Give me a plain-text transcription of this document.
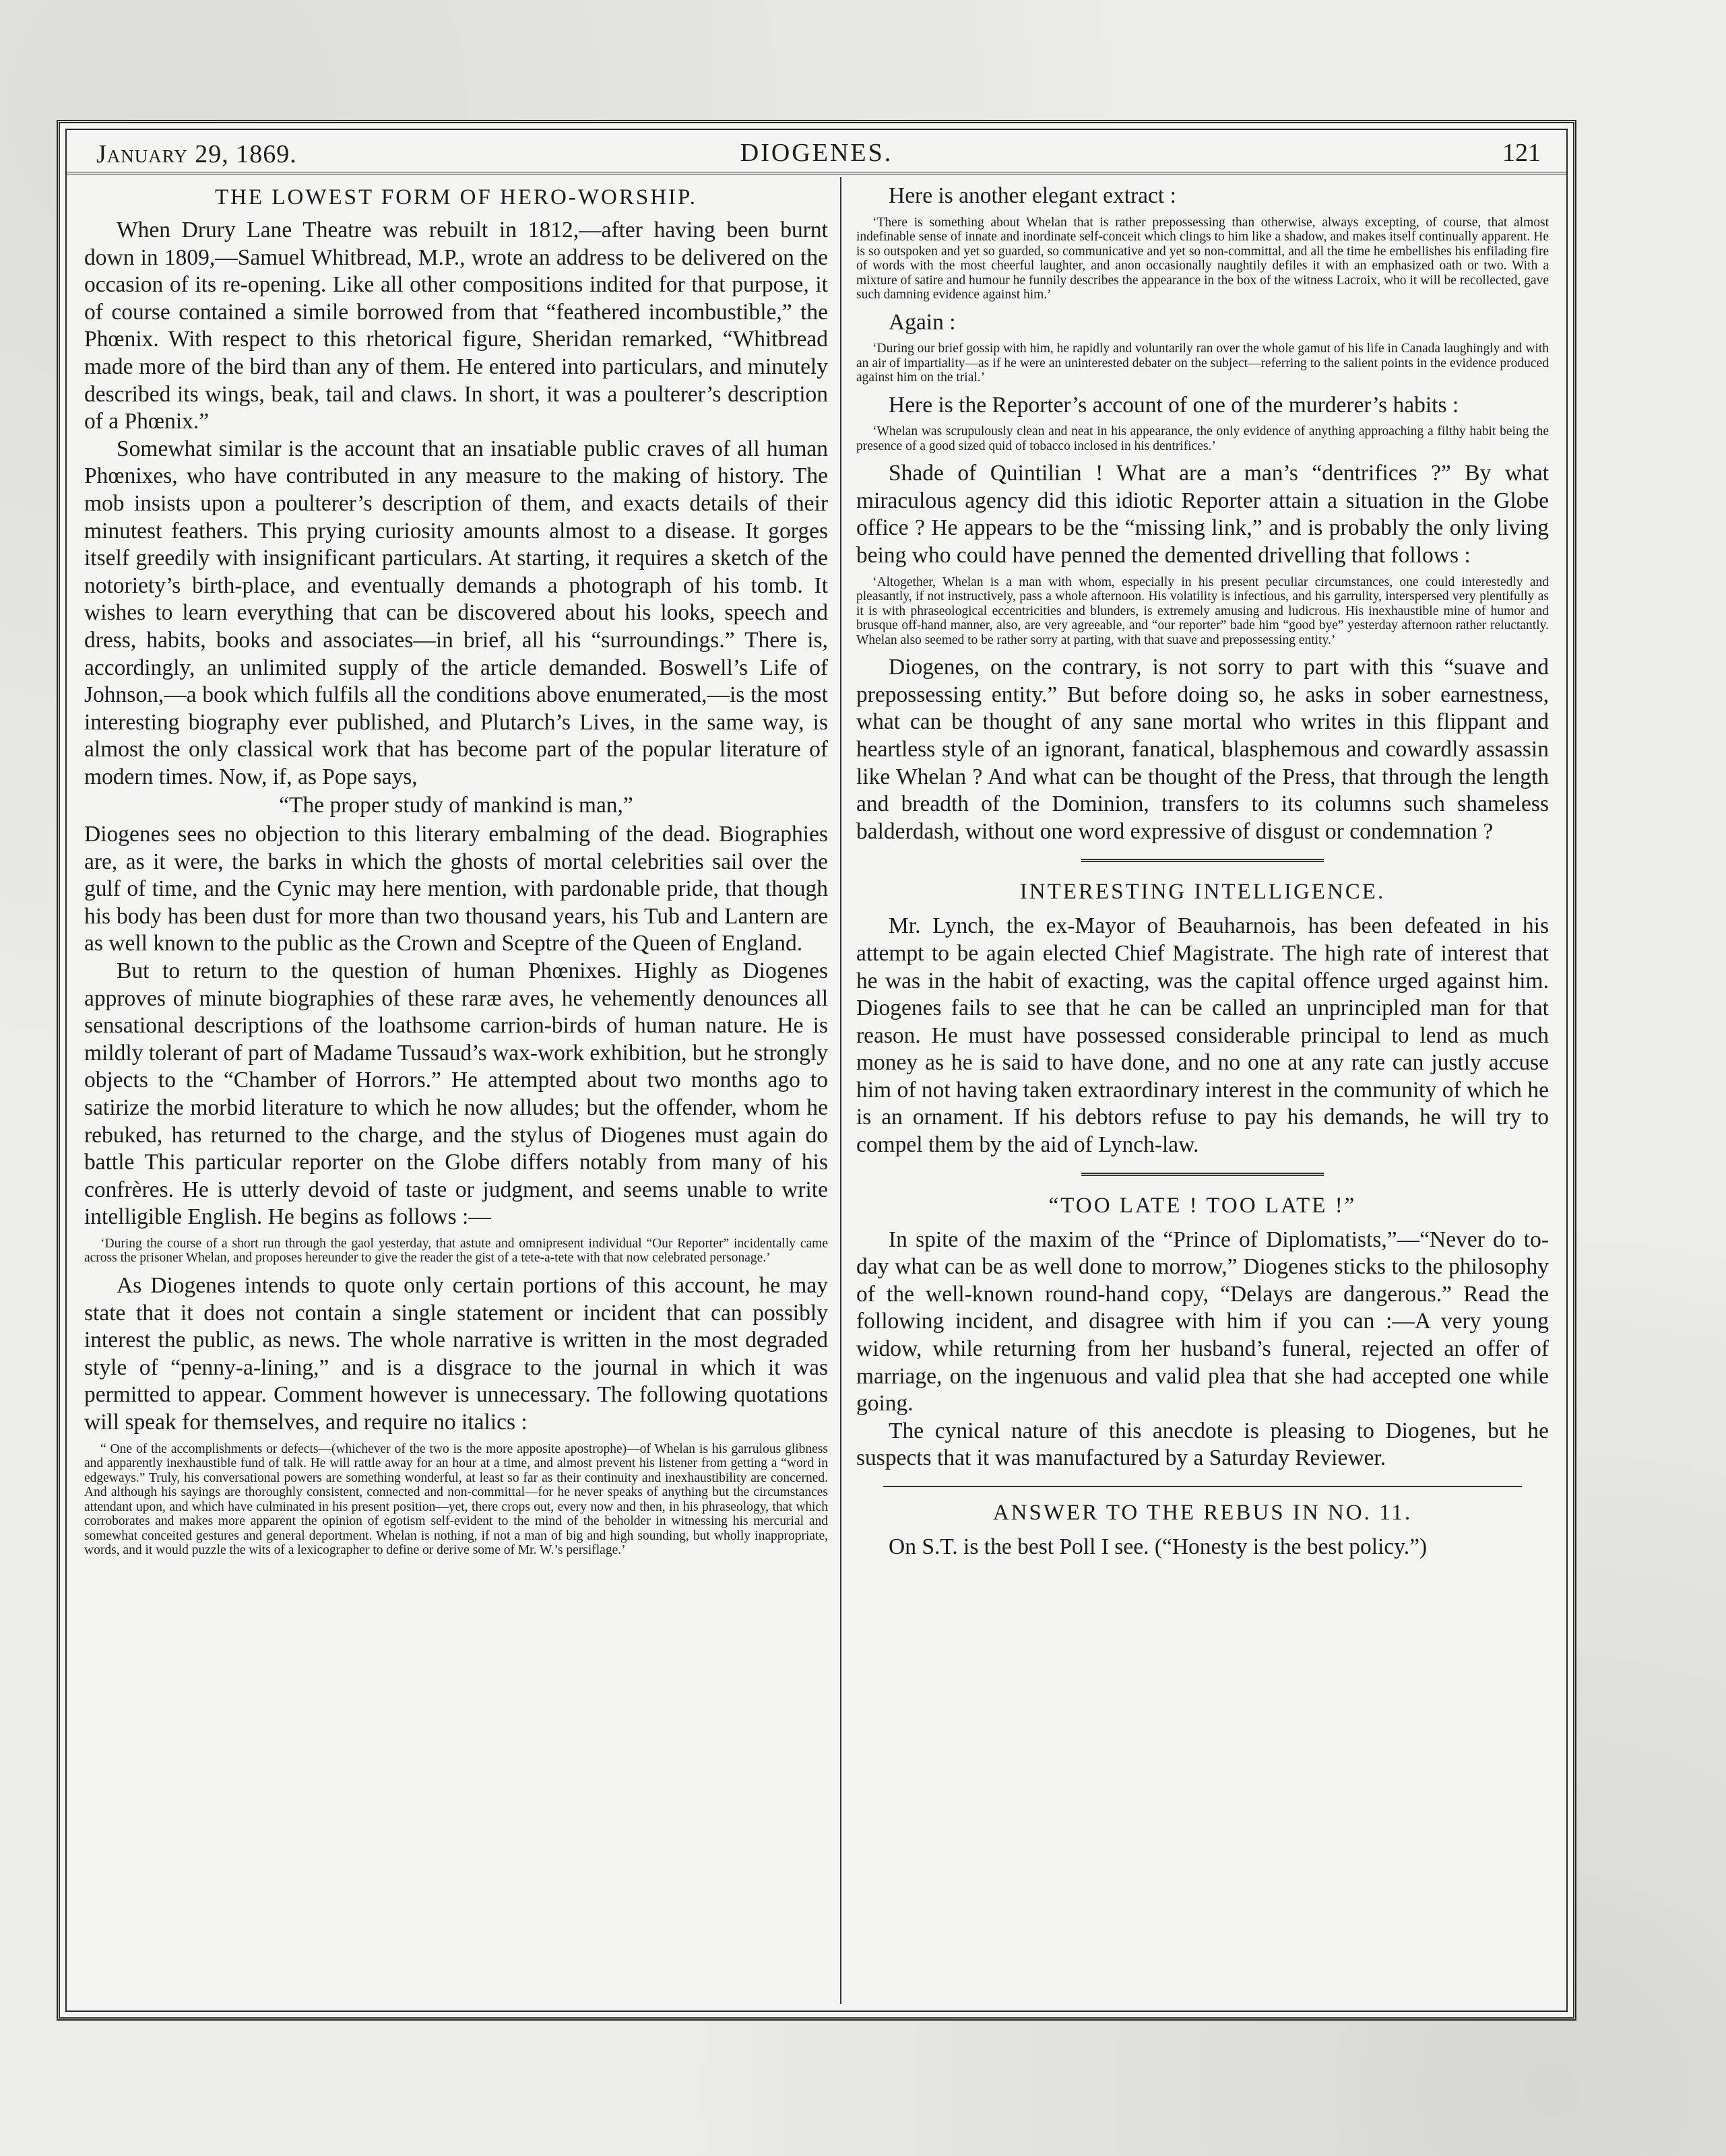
January 29, 1869.	DIOGENES.	121
THE LOWEST FORM OF HERO-WORSHIP.

When Drury Lane Theatre was rebuilt in 1812,—after having been burnt down in 1809,—Samuel Whitbread, M.P., wrote an address to be delivered on the occasion of its re-opening. Like all other compositions indited for that purpose, it of course contained a simile borrowed from that “feathered incombustible,” the Phœnix. With respect to this rhetorical figure, Sheridan remarked, “Whitbread made more of the bird than any of them. He entered into particulars, and minutely described its wings, beak, tail and claws. In short, it was a poulterer’s description of a Phœnix.”

Somewhat similar is the account that an insatiable public craves of all human Phœnixes, who have contributed in any measure to the making of history. The mob insists upon a poulterer’s description of them, and exacts details of their minutest feathers. This prying curiosity amounts almost to a disease. It gorges itself greedily with insignificant particulars. At starting, it requires a sketch of the notoriety’s birth-place, and eventually demands a photograph of his tomb. It wishes to learn everything that can be discovered about his looks, speech and dress, habits, books and associates—in brief, all his “surroundings.” There is, accordingly, an unlimited supply of the article demanded. Boswell’s Life of Johnson,—a book which fulfils all the conditions above enumerated,—is the most interesting biography ever published, and Plutarch’s Lives, in the same way, is almost the only classical work that has become part of the popular literature of modern times. Now, if, as Pope says,

“The proper study of mankind is man,”

Diogenes sees no objection to this literary embalming of the dead. Biographies are, as it were, the barks in which the ghosts of mortal celebrities sail over the gulf of time, and the Cynic may here mention, with pardonable pride, that though his body has been dust for more than two thousand years, his Tub and Lantern are as well known to the public as the Crown and Sceptre of the Queen of England.

But to return to the question of human Phœnixes. Highly as Diogenes approves of minute biographies of these raræ aves, he vehemently denounces all sensational descriptions of the loathsome carrion-birds of human nature. He is mildly tolerant of part of Madame Tussaud’s wax-work exhibition, but he strongly objects to the “Chamber of Horrors.” He attempted about two months ago to satirize the morbid literature to which he now alludes; but the offender, whom he rebuked, has returned to the charge, and the stylus of Diogenes must again do battle This particular reporter on the Globe differs notably from many of his confrères. He is utterly devoid of taste or judgment, and seems unable to write intelligible English. He begins as follows :—

‘During the course of a short run through the gaol yesterday, that astute and omnipresent individual “Our Reporter” incidentally came across the prisoner Whelan, and proposes hereunder to give the reader the gist of a tete-a-tete with that now celebrated personage.’

As Diogenes intends to quote only certain portions of this account, he may state that it does not contain a single statement or incident that can possibly interest the public, as news. The whole narrative is written in the most degraded style of “penny-a-lining,” and is a disgrace to the journal in which it was permitted to appear. Comment however is unnecessary. The following quotations will speak for themselves, and require no italics :

“ One of the accomplishments or defects—(whichever of the two is the more apposite apostrophe)—of Whelan is his garrulous glibness and apparently inexhaustible fund of talk. He will rattle away for an hour at a time, and almost prevent his listener from getting a “word in edgeways.” Truly, his conversational powers are something wonderful, at least so far as their continuity and inexhaustibility are concerned. And although his sayings are thoroughly consistent, connected and non-committal—for he never speaks of anything but the circumstances attendant upon, and which have culminated in his present position—yet, there crops out, every now and then, in his phraseology, that which corroborates and makes more apparent the opinion of egotism self-evident to the mind of the beholder in witnessing his mercurial and somewhat conceited gestures and general deportment. Whelan is nothing, if not a man of big and high sounding, but wholly inappropriate, words, and it would puzzle the wits of a lexicographer to define or derive some of Mr. W.’s persiflage.’

Here is another elegant extract :

‘There is something about Whelan that is rather prepossessing than otherwise, always excepting, of course, that almost indefinable sense of innate and inordinate self-conceit which clings to him like a shadow, and makes itself continually apparent. He is so outspoken and yet so guarded, so communicative and yet so non-committal, and all the time he embellishes his enfilading fire of words with the most cheerful laughter, and anon occasionally naughtily defiles it with an emphasized oath or two. With a mixture of satire and humour he funnily describes the appearance in the box of the witness Lacroix, who it will be recollected, gave such damning evidence against him.’

Again :

‘During our brief gossip with him, he rapidly and voluntarily ran over the whole gamut of his life in Canada laughingly and with an air of impartiality—as if he were an uninterested debater on the subject—referring to the salient points in the evidence produced against him on the trial.’

Here is the Reporter’s account of one of the murderer’s habits :

‘Whelan was scrupulously clean and neat in his appearance, the only evidence of anything approaching a filthy habit being the presence of a good sized quid of tobacco inclosed in his dentrifices.’

Shade of Quintilian ! What are a man’s “dentrifices ?” By what miraculous agency did this idiotic Reporter attain a situation in the Globe office ? He appears to be the “missing link,” and is probably the only living being who could have penned the demented drivelling that follows :

‘Altogether, Whelan is a man with whom, especially in his present peculiar circumstances, one could interestedly and pleasantly, if not instructively, pass a whole afternoon. His volatility is infectious, and his garrulity, interspersed very plentifully as it is with phraseological eccentricities and blunders, is extremely amusing and ludicrous. His inexhaustible mine of humor and brusque off-hand manner, also, are very agreeable, and “our reporter” bade him “good bye” yesterday afternoon rather reluctantly. Whelan also seemed to be rather sorry at parting, with that suave and prepossessing entity.’

Diogenes, on the contrary, is not sorry to part with this “suave and prepossessing entity.” But before doing so, he asks in sober earnestness, what can be thought of any sane mortal who writes in this flippant and heartless style of an ignorant, fanatical, blasphemous and cowardly assassin like Whelan ? And what can be thought of the Press, that through the length and breadth of the Dominion, transfers to its columns such shameless balderdash, without one word expressive of disgust or condemnation ?

INTERESTING INTELLIGENCE.

Mr. Lynch, the ex-Mayor of Beauharnois, has been defeated in his attempt to be again elected Chief Magistrate. The high rate of interest that he was in the habit of exacting, was the capital offence urged against him. Diogenes fails to see that he can be called an unprincipled man for that reason. He must have possessed considerable principal to lend as much money as he is said to have done, and no one at any rate can justly accuse him of not having taken extraordinary interest in the community of which he is an ornament. If his debtors refuse to pay his demands, he will try to compel them by the aid of Lynch-law.

“TOO LATE ! TOO LATE !”

In spite of the maxim of the “Prince of Diplomatists,”—“Never do to-day what can be as well done to morrow,” Diogenes sticks to the philosophy of the well-known round-hand copy, “Delays are dangerous.” Read the following incident, and disagree with him if you can :—A very young widow, while returning from her husband’s funeral, rejected an offer of marriage, on the ingenuous and valid plea that she had accepted one while going.

The cynical nature of this anecdote is pleasing to Diogenes, but he suspects that it was manufactured by a Saturday Reviewer.

ANSWER TO THE REBUS IN NO. 11.

On S.T. is the best Poll I see. (“Honesty is the best policy.”)
